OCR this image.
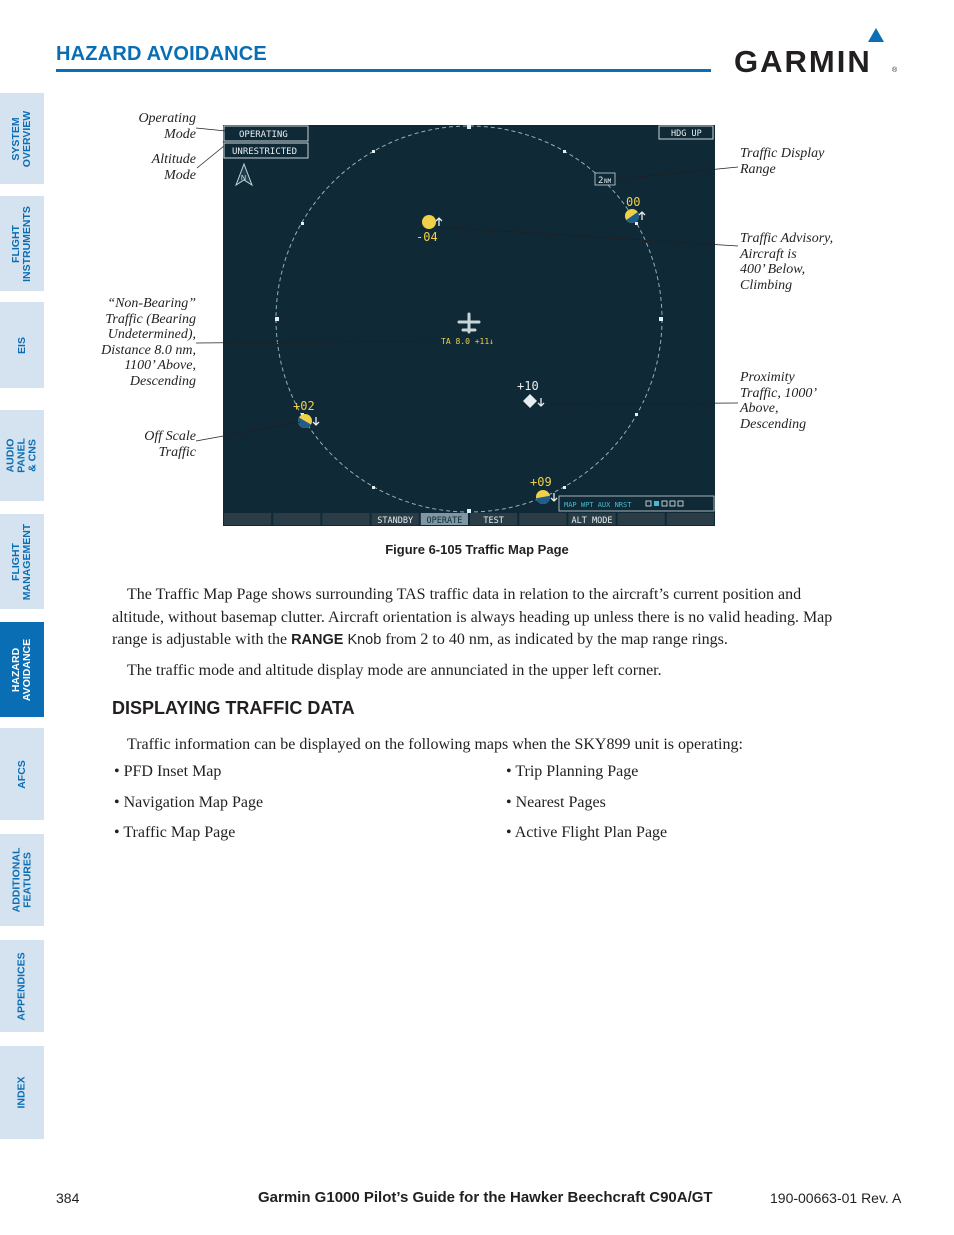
HAZARD AVOIDANCE	GARMIN	®
SYSTEM
OVERVIEW
FLIGHT
INSTRUMENTS
EIS
AUDIO PANEL
& CNS
FLIGHT
MANAGEMENT
HAZARD
AVOIDANCE
AFCS
ADDITIONAL
FEATURES
APPENDICES
INDEX
OPERATING
UNRESTRICTED
HDG UP
N	2 NM
-04
00
TA 8.0 +11↓
+10
+02
+09
MAP WPT AUX NRST
STANDBY OPERATE TEST	ALT MODE
Operating
Mode
Altitude
Mode
Traffic Display
Range
Traffic Advisory,
Aircraft is
400’ Below,
Climbing
“Non-Bearing”
Traffic (Bearing
Undetermined),
Distance 8.0 nm,
1100’ Above,
Descending	Proximity
Traffic, 1000’
Above,
Descending
Off Scale
Traffic
Figure 6-105 Traffic Map Page
The Traffic Map Page shows surrounding TAS traffic data in relation to the aircraft’s current position and altitude, without basemap clutter. Aircraft orientation is always heading up unless there is no valid heading. Map range is adjustable with the RANGE Knob from 2 to 40 nm, as indicated by the map range rings.
The traffic mode and altitude display mode are annunciated in the upper left corner.
DISPLAYING TRAFFIC DATA
Traffic information can be displayed on the following maps when the SKY899 unit is operating:
• PFD Inset Map
• Navigation Map Page
• Traffic Map Page
• Trip Planning Page
• Nearest Pages
• Active Flight Plan Page
384	Garmin G1000 Pilot’s Guide for the Hawker Beechcraft C90A/GT	190-00663-01 Rev. A
